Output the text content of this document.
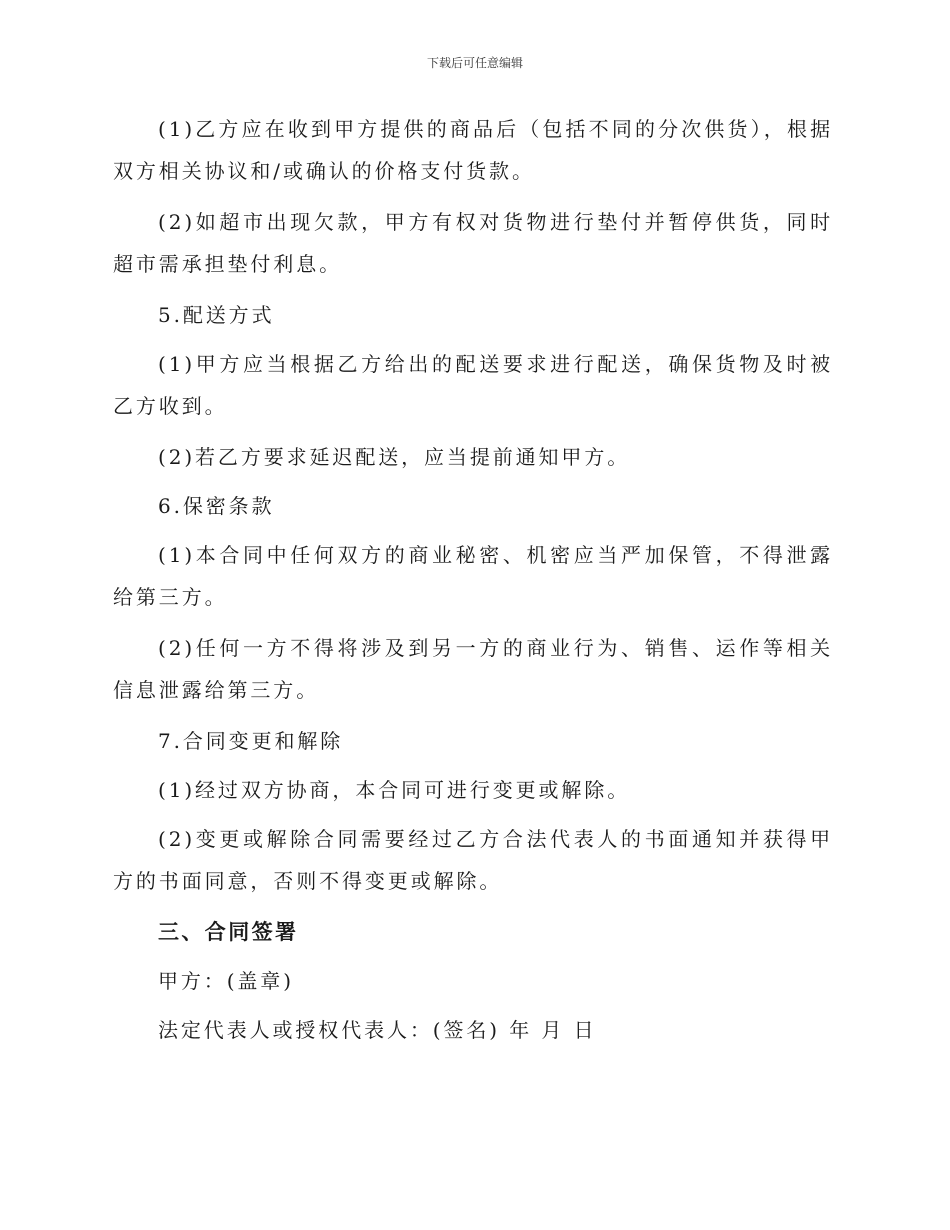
下载后可任意编辑

(1)乙方应在收到甲方提供的商品后（包括不同的分次供货），根据双方相关协议和/或确认的价格支付货款。

(2)如超市出现欠款，甲方有权对货物进行垫付并暂停供货，同时超市需承担垫付利息。

5.配送方式

(1)甲方应当根据乙方给出的配送要求进行配送，确保货物及时被乙方收到。

(2)若乙方要求延迟配送，应当提前通知甲方。

6.保密条款

(1)本合同中任何双方的商业秘密、机密应当严加保管，不得泄露给第三方。

(2)任何一方不得将涉及到另一方的商业行为、销售、运作等相关信息泄露给第三方。

7.合同变更和解除

(1)经过双方协商，本合同可进行变更或解除。

(2)变更或解除合同需要经过乙方合法代表人的书面通知并获得甲方的书面同意，否则不得变更或解除。

三、合同签署

甲方：(盖章)

法定代表人或授权代表人：(签名) 年 月 日
